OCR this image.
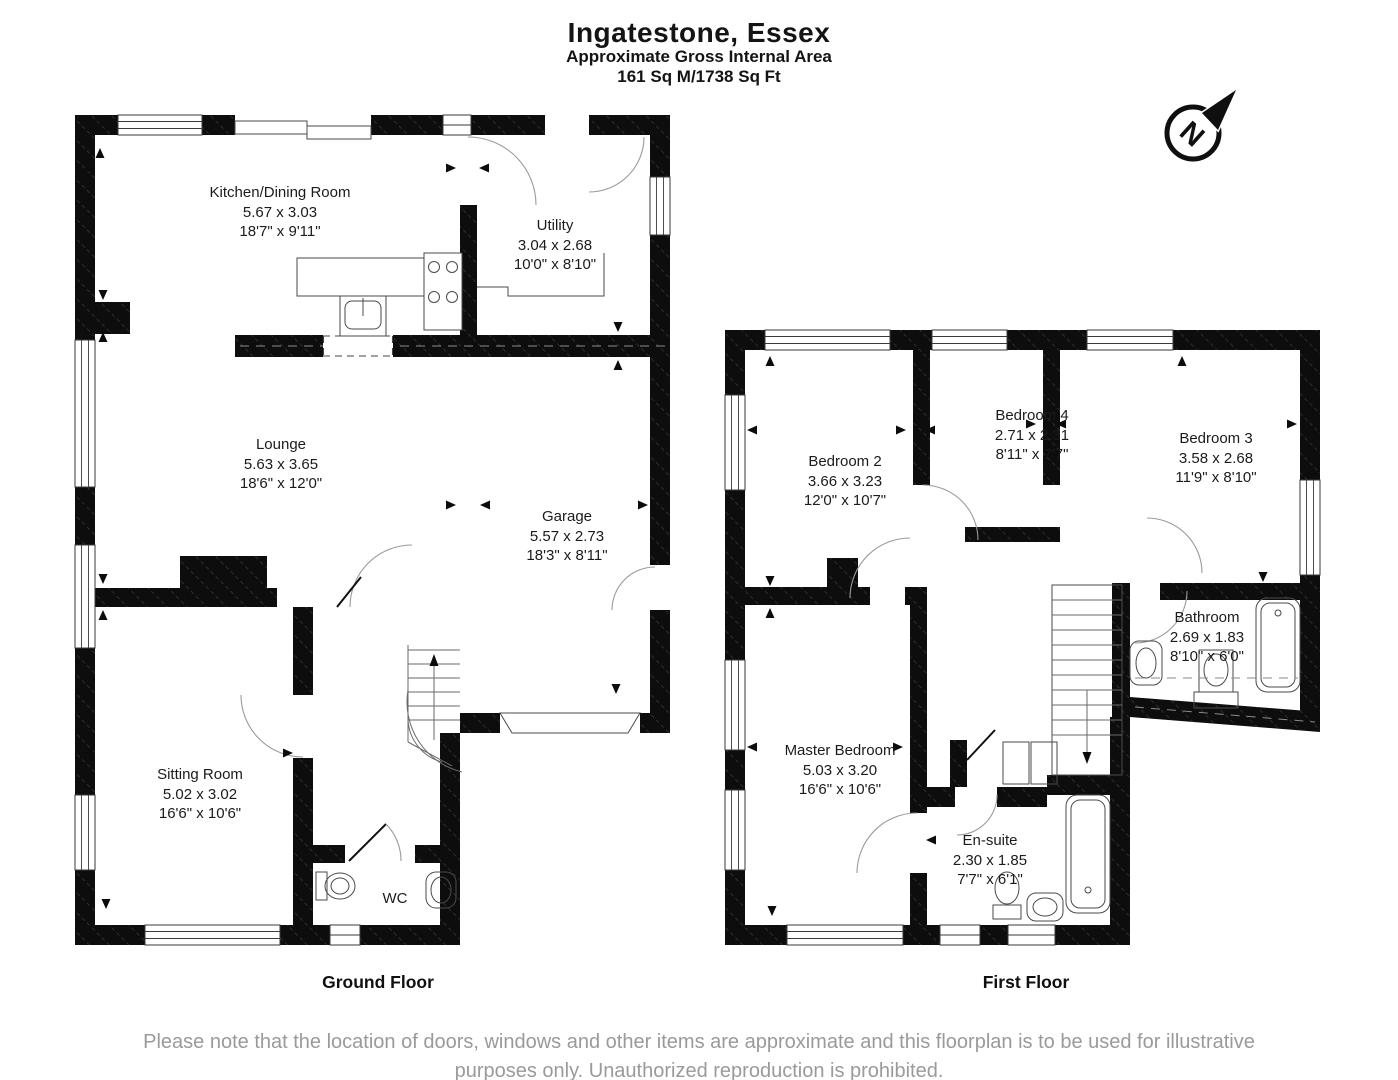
Ingatestone, Essex
Approximate Gross Internal Area
161 Sq M/1738 Sq Ft
N
Kitchen/Dining Room
5.67 x 3.03
18'7" x 9'11"	Utility
3.04 x 2.68
10'0" x 8'10"
Lounge
5.63 x 3.65
18'6" x 12'0"
Garage
5.57 x 2.73
18'3" x 8'11"
Sitting Room
5.02 x 3.02
16'6" x 10'6"
WC
Ground Floor
Bedroom 2
3.66 x 3.23
12'0" x 10'7"
Bedroom 4
2.71 x 2.31
8'11" x 7'7"
Bedroom 3
3.58 x 2.68
11'9" x 8'10"
Bathroom
2.69 x 1.83
8'10" x 6'0"
Master Bedroom
5.03 x 3.20
16'6" x 10'6"
En-suite
2.30 x 1.85
7'7" x 6'1"
First Floor

Please note that the location of doors, windows and other items are approximate and this floorplan is to be used for illustrative purposes only. Unauthorized reproduction is prohibited.
